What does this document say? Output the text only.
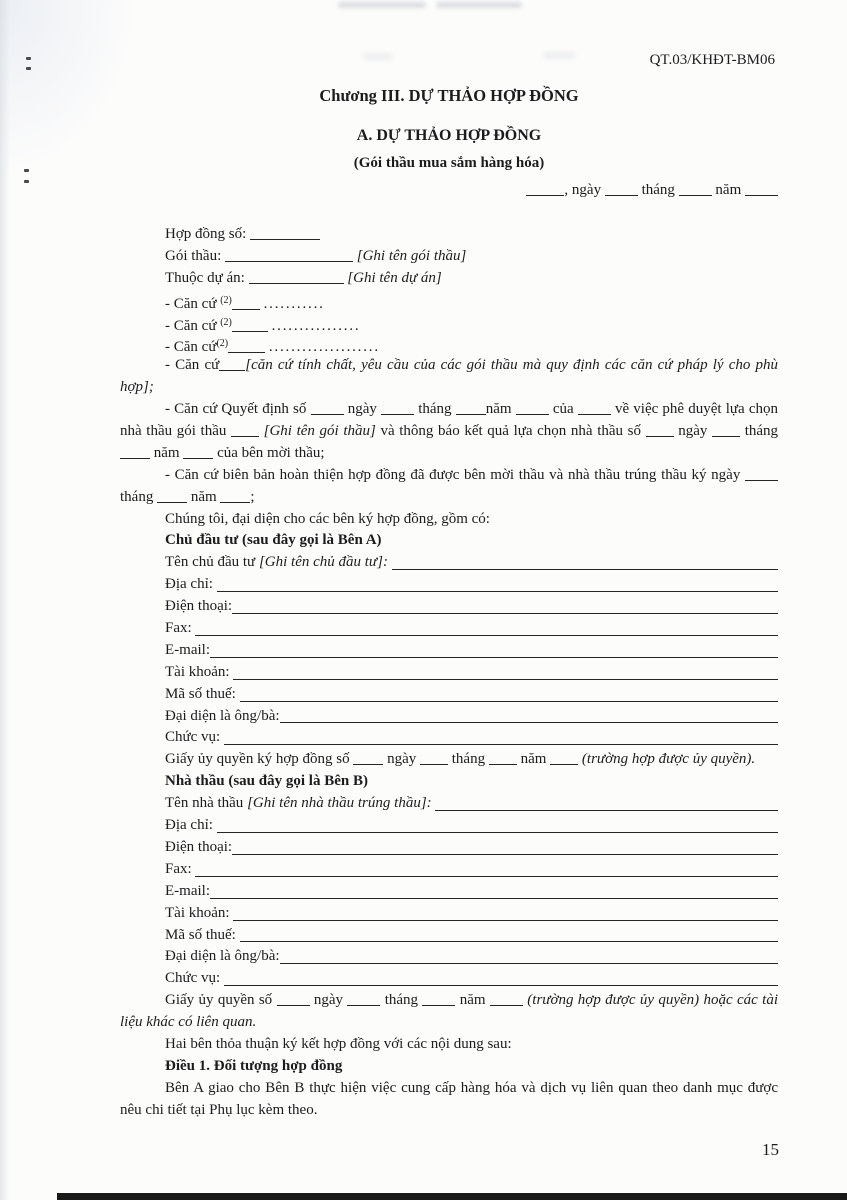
QT.03/KHĐT-BM06
Chương III. DỰ THẢO HỢP ĐỒNG
A. DỰ THẢO HỢP ĐỒNG
(Gói thầu mua sắm hàng hóa)
, ngày  tháng  năm
Hợp đồng số:
Gói thầu:	[Ghi tên gói thầu]
Thuộc dự án:	[Ghi tên dự án]
- Căn cứ $^{(2)}$ ...........
- Căn cứ $^{(2)}$	................
- Căn cứ$^{(2)}$	....................
- Căn cứ [căn cứ tính chất, yêu cầu của các gói thầu mà quy định các căn cứ pháp lý cho phù
hợp];
- Căn cứ Quyết định số  ngày  tháng năm  của  về việc phê duyệt lựa chọn
nhà thầu gói thầu  [Ghi tên gói thầu] và thông báo kết quả lựa chọn nhà thầu số  ngày  tháng
năm  của bên mời thầu;
- Căn cứ biên bản hoàn thiện hợp đồng đã được bên mời thầu và nhà thầu trúng thầu ký ngày
tháng  năm ;
Chúng tôi, đại diện cho các bên ký hợp đồng, gồm có:
Chủ đầu tư (sau đây gọi là Bên A)
Tên chủ đầu tư [Ghi tên chủ đầu tư]:
Địa chỉ:
Điện thoại:
Fax:
E-mail:
Tài khoản:
Mã số thuế:
Đại diện là ông/bà:
Chức vụ:
Giấy ủy quyền ký hợp đồng số  ngày  tháng  năm  (trường hợp được ủy quyền).
Nhà thầu (sau đây gọi là Bên B)
Tên nhà thầu [Ghi tên nhà thầu trúng thầu]:
Địa chỉ:
Điện thoại:
Fax:
E-mail:
Tài khoản:
Mã số thuế:
Đại diện là ông/bà:
Chức vụ:
Giấy ủy quyền số  ngày  tháng  năm  (trường hợp được ủy quyền) hoặc các tài
liệu khác có liên quan.
Hai bên thỏa thuận ký kết hợp đồng với các nội dung sau:
Điều 1. Đối tượng hợp đồng
Bên A giao cho Bên B thực hiện việc cung cấp hàng hóa và dịch vụ liên quan theo danh mục được
nêu chi tiết tại Phụ lục kèm theo.
15
